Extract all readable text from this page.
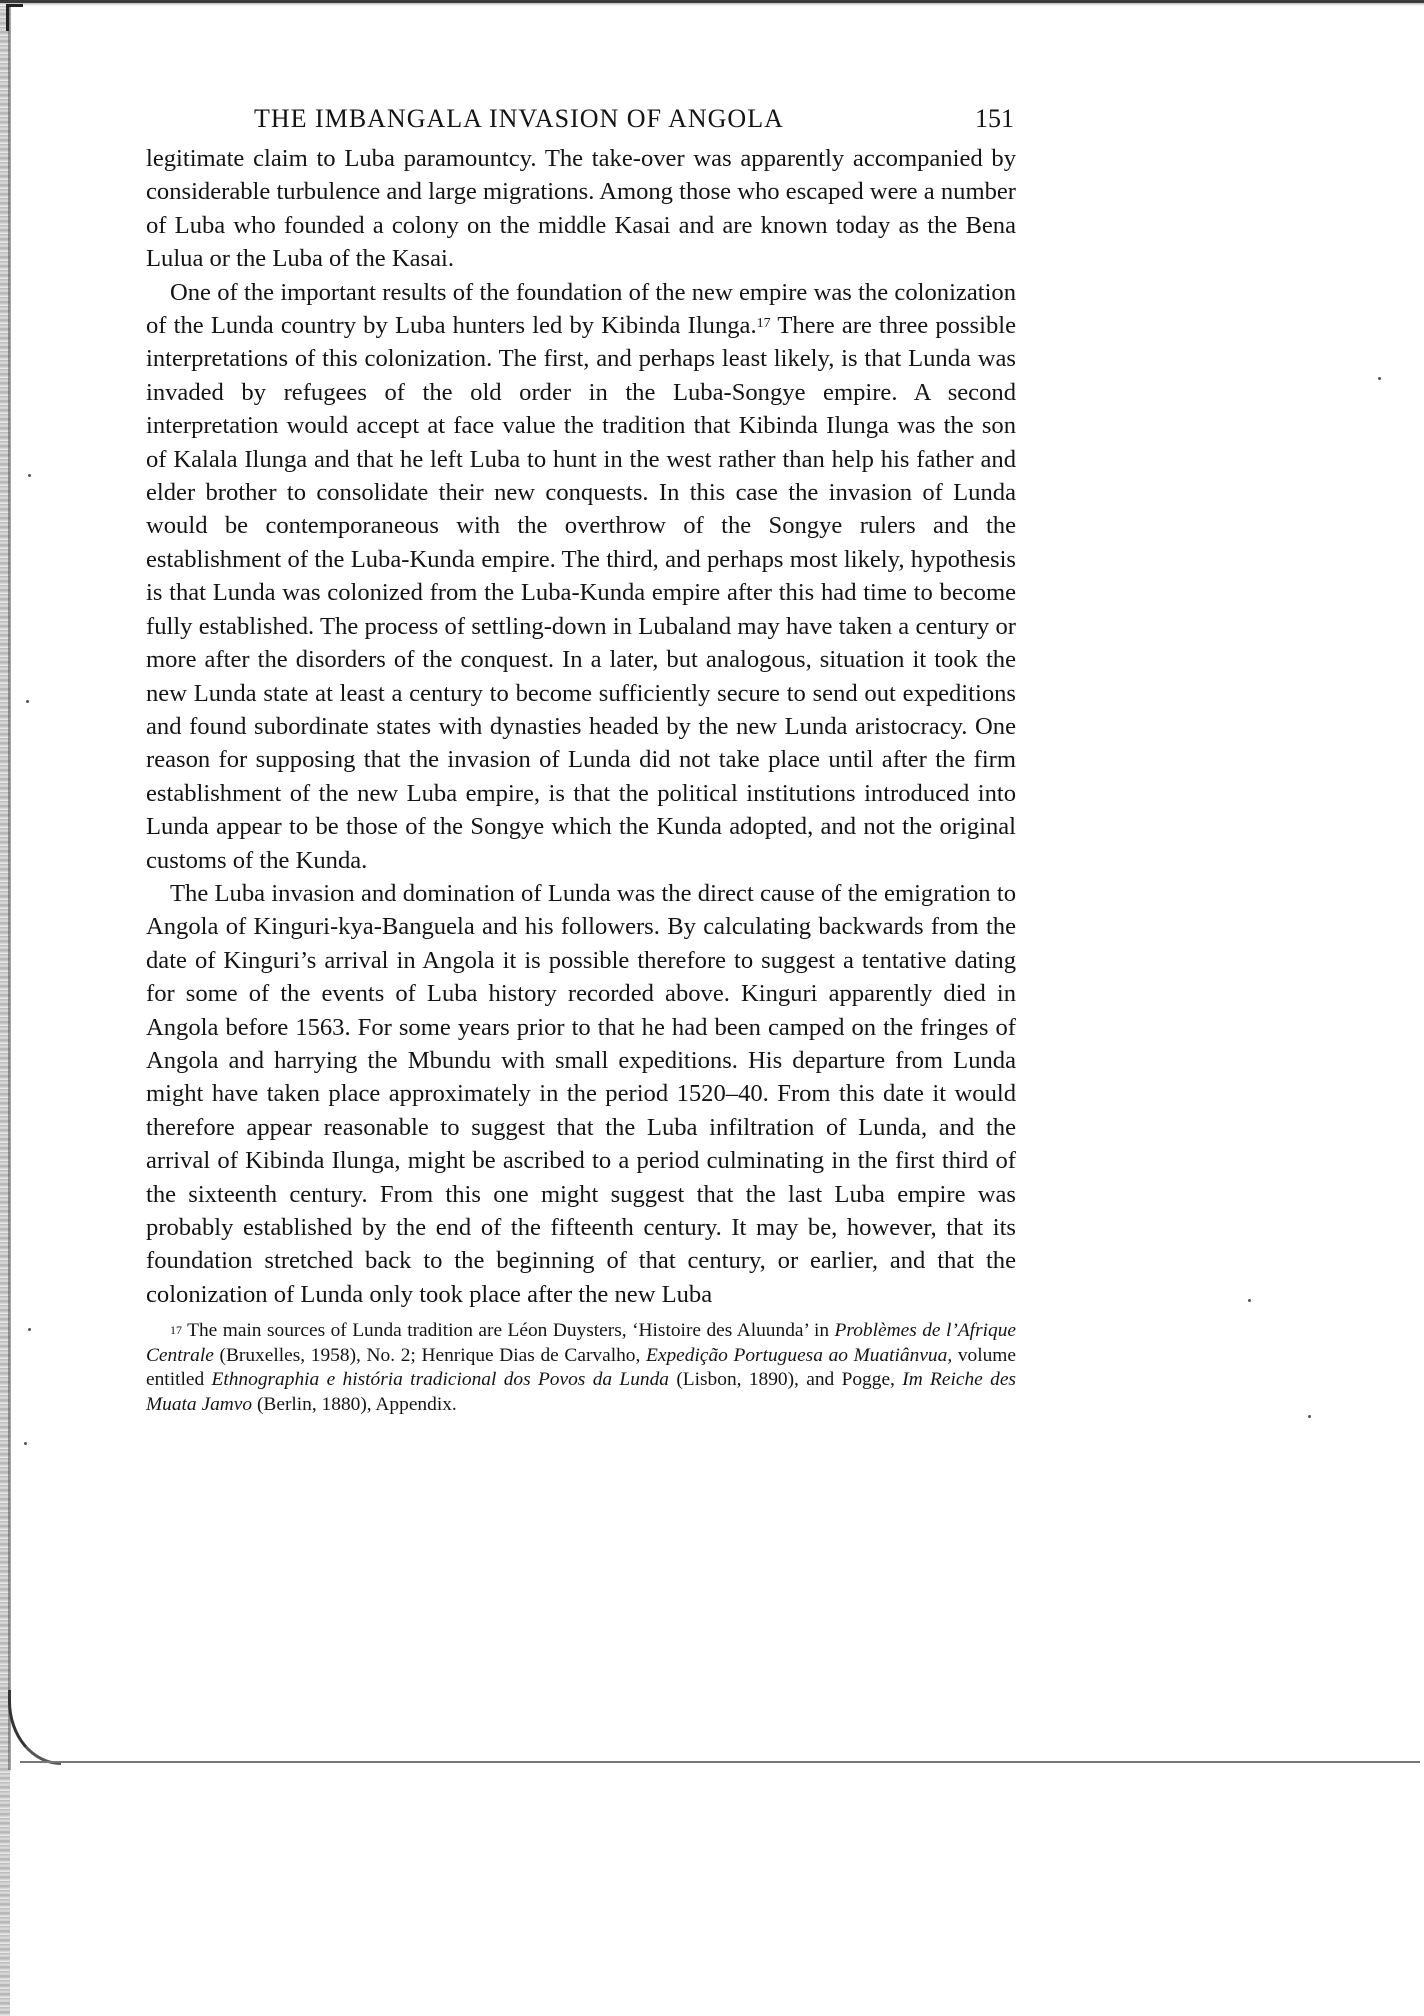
THE IMBANGALA INVASION OF ANGOLA	151

legitimate claim to Luba paramountcy. The take-over was apparently accompanied by considerable turbulence and large migrations. Among those who escaped were a number of Luba who founded a colony on the middle Kasai and are known today as the Bena Lulua or the Luba of the Kasai.

One of the important results of the foundation of the new empire was the colonization of the Lunda country by Luba hunters led by Kibinda Ilunga.$^{17}$ There are three possible interpretations of this colonization. The first, and perhaps least likely, is that Lunda was invaded by refugees of the old order in the Luba-Songye empire. A second interpretation would accept at face value the tradition that Kibinda Ilunga was the son of Kalala Ilunga and that he left Luba to hunt in the west rather than help his father and elder brother to consolidate their new conquests. In this case the invasion of Lunda would be contemporaneous with the overthrow of the Songye rulers and the establishment of the Luba-Kunda empire. The third, and perhaps most likely, hypothesis is that Lunda was colonized from the Luba-Kunda empire after this had time to become fully established. The process of settling-down in Lubaland may have taken a century or more after the disorders of the conquest. In a later, but analogous, situation it took the new Lunda state at least a century to become sufficiently secure to send out expeditions and found subordinate states with dynasties headed by the new Lunda aristocracy. One reason for supposing that the invasion of Lunda did not take place until after the firm establishment of the new Luba empire, is that the political institutions introduced into Lunda appear to be those of the Songye which the Kunda adopted, and not the original customs of the Kunda.

The Luba invasion and domination of Lunda was the direct cause of the emigration to Angola of Kinguri-kya-Banguela and his followers. By calculating backwards from the date of Kinguri’s arrival in Angola it is possible therefore to suggest a tentative dating for some of the events of Luba history recorded above. Kinguri apparently died in Angola before 1563. For some years prior to that he had been camped on the fringes of Angola and harrying the Mbundu with small expeditions. His departure from Lunda might have taken place approximately in the period 1520–40. From this date it would therefore appear reasonable to suggest that the Luba infiltration of Lunda, and the arrival of Kibinda Ilunga, might be ascribed to a period culminating in the first third of the sixteenth century. From this one might suggest that the last Luba empire was probably established by the end of the fifteenth century. It may be, however, that its foundation stretched back to the beginning of that century, or earlier, and that the colonization of Lunda only took place after the new Luba

$^{17}$ The main sources of Lunda tradition are Léon Duysters, ‘Histoire des Aluunda’ in Problèmes de l’Afrique Centrale (Bruxelles, 1958), No. 2; Henrique Dias de Carvalho, Expedição Portuguesa ao Muatiânvua, volume entitled Ethnographia e história tradicional dos Povos da Lunda (Lisbon, 1890), and Pogge, Im Reiche des Muata Jamvo (Berlin, 1880), Appendix.
